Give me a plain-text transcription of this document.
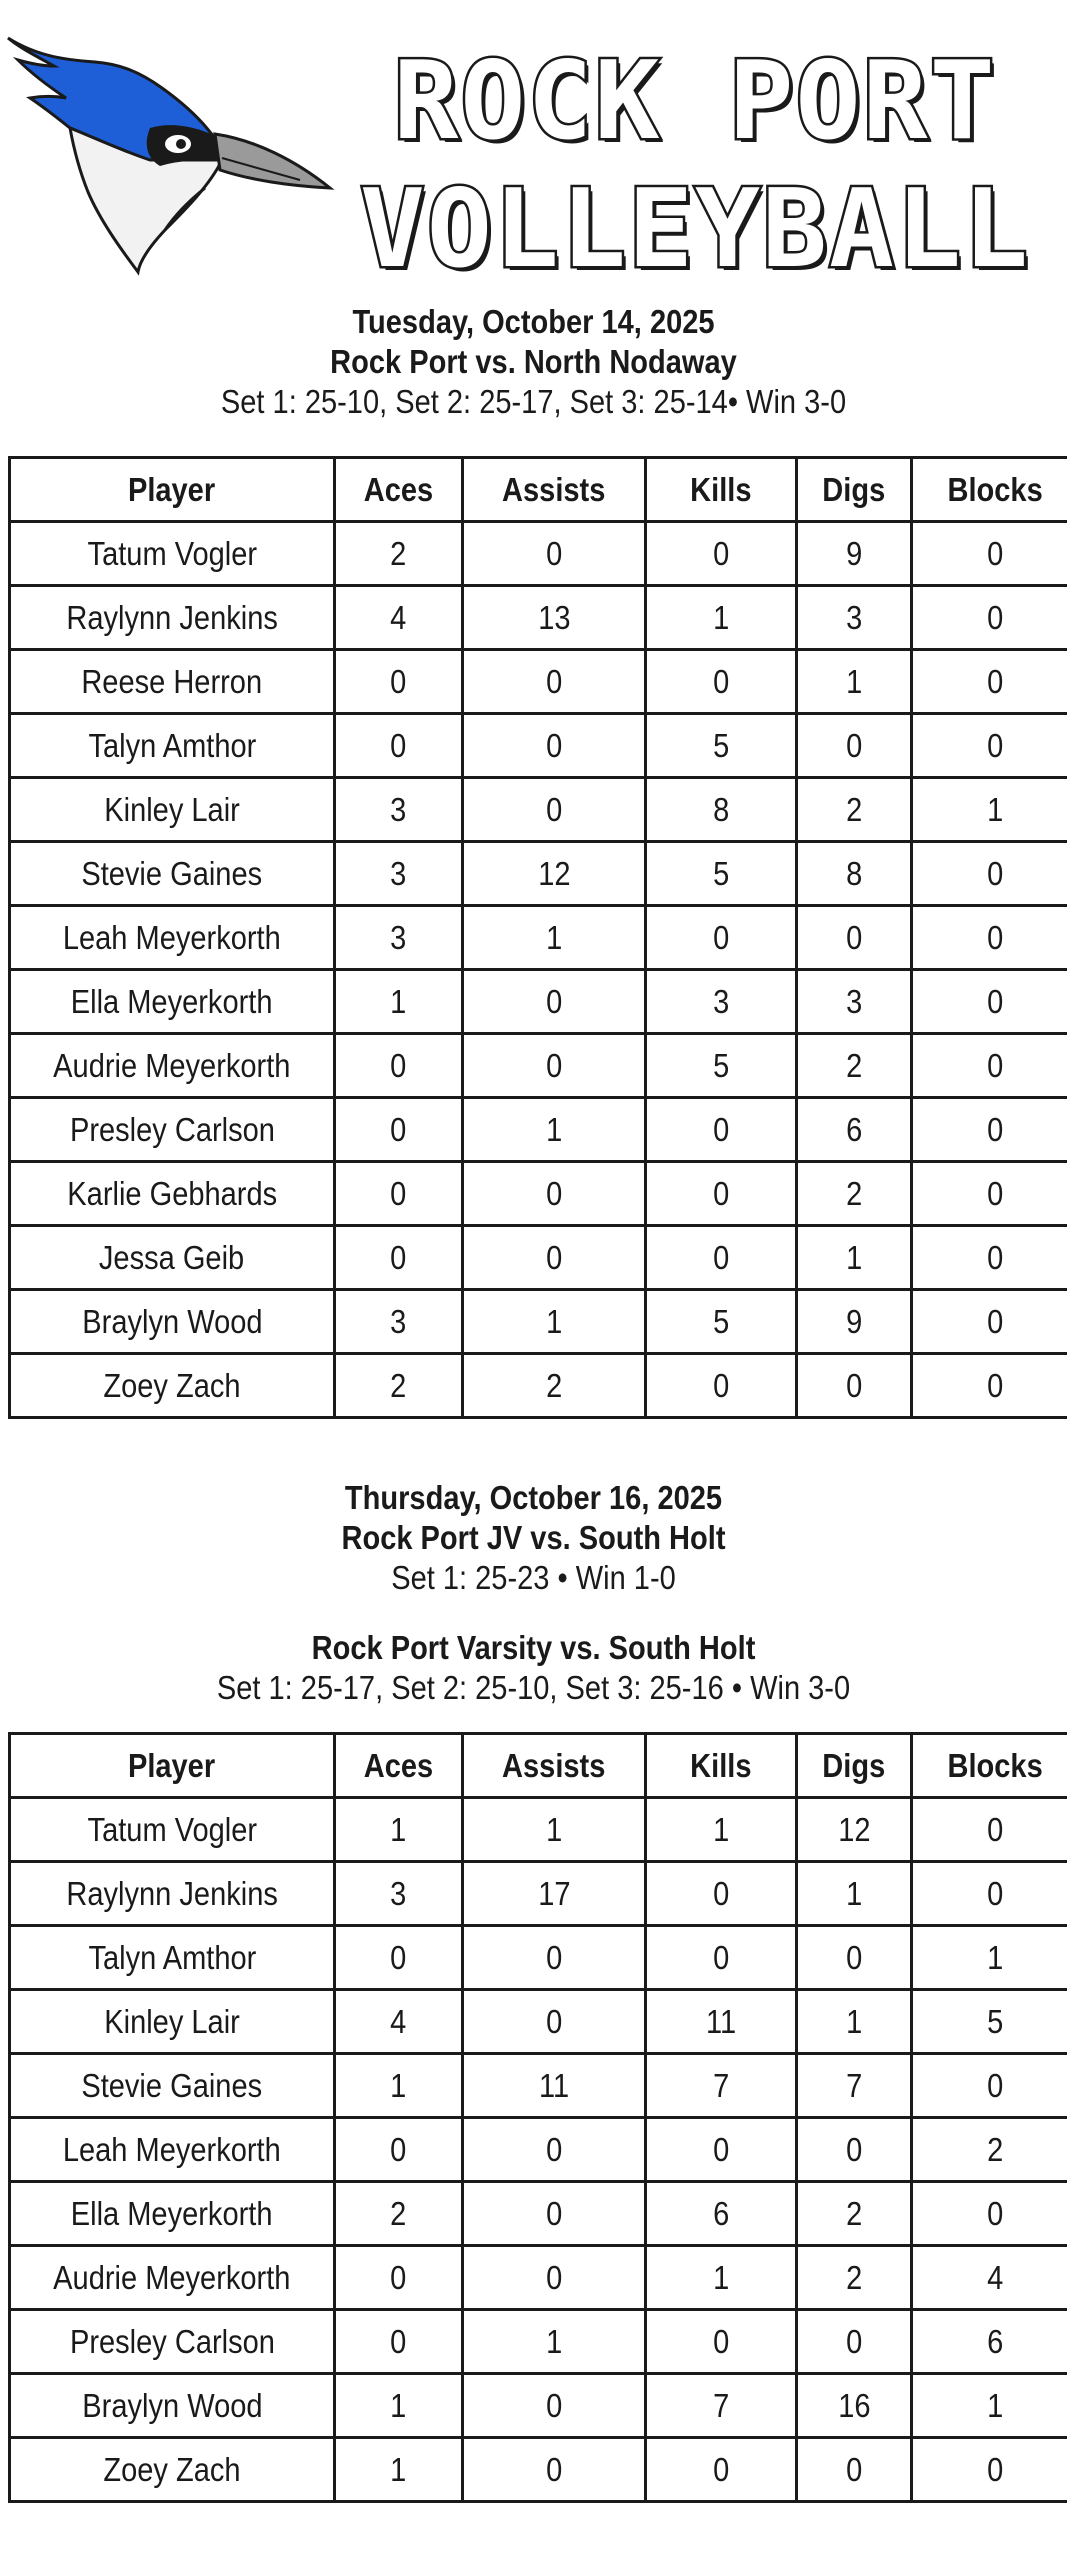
ROCK PORT
VOLLEYBALL
Tuesday, October 14, 2025
Rock Port vs. North Nodaway
Set 1: 25-10, Set 2: 25-17, Set 3: 25-14• Win 3-0
Player	Aces	Assists	Kills	Digs	Blocks
Tatum Vogler	2	0	0	9	0
Raylynn Jenkins	4	13	1	3	0
Reese Herron	0	0	0	1	0
Talyn Amthor	0	0	5	0	0
Kinley Lair	3	0	8	2	1
Stevie Gaines	3	12	5	8	0
Leah Meyerkorth	3	1	0	0	0
Ella Meyerkorth	1	0	3	3	0
Audrie Meyerkorth	0	0	5	2	0
Presley Carlson	0	1	0	6	0
Karlie Gebhards	0	0	0	2	0
Jessa Geib	0	0	0	1	0
Braylyn Wood	3	1	5	9	0
Zoey Zach	2	2	0	0	0
Thursday, October 16, 2025
Rock Port JV vs. South Holt
Set 1: 25-23 • Win 1-0
Rock Port Varsity vs. South Holt
Set 1: 25-17, Set 2: 25-10, Set 3: 25-16 • Win 3-0
Player	Aces	Assists	Kills	Digs	Blocks
Tatum Vogler	1	1	1	12	0
Raylynn Jenkins	3	17	0	1	0
Talyn Amthor	0	0	0	0	1
Kinley Lair	4	0	11	1	5
Stevie Gaines	1	11	7	7	0
Leah Meyerkorth	0	0	0	0	2
Ella Meyerkorth	2	0	6	2	0
Audrie Meyerkorth	0	0	1	2	4
Presley Carlson	0	1	0	0	6
Braylyn Wood	1	0	7	16	1
Zoey Zach	1	0	0	0	0
